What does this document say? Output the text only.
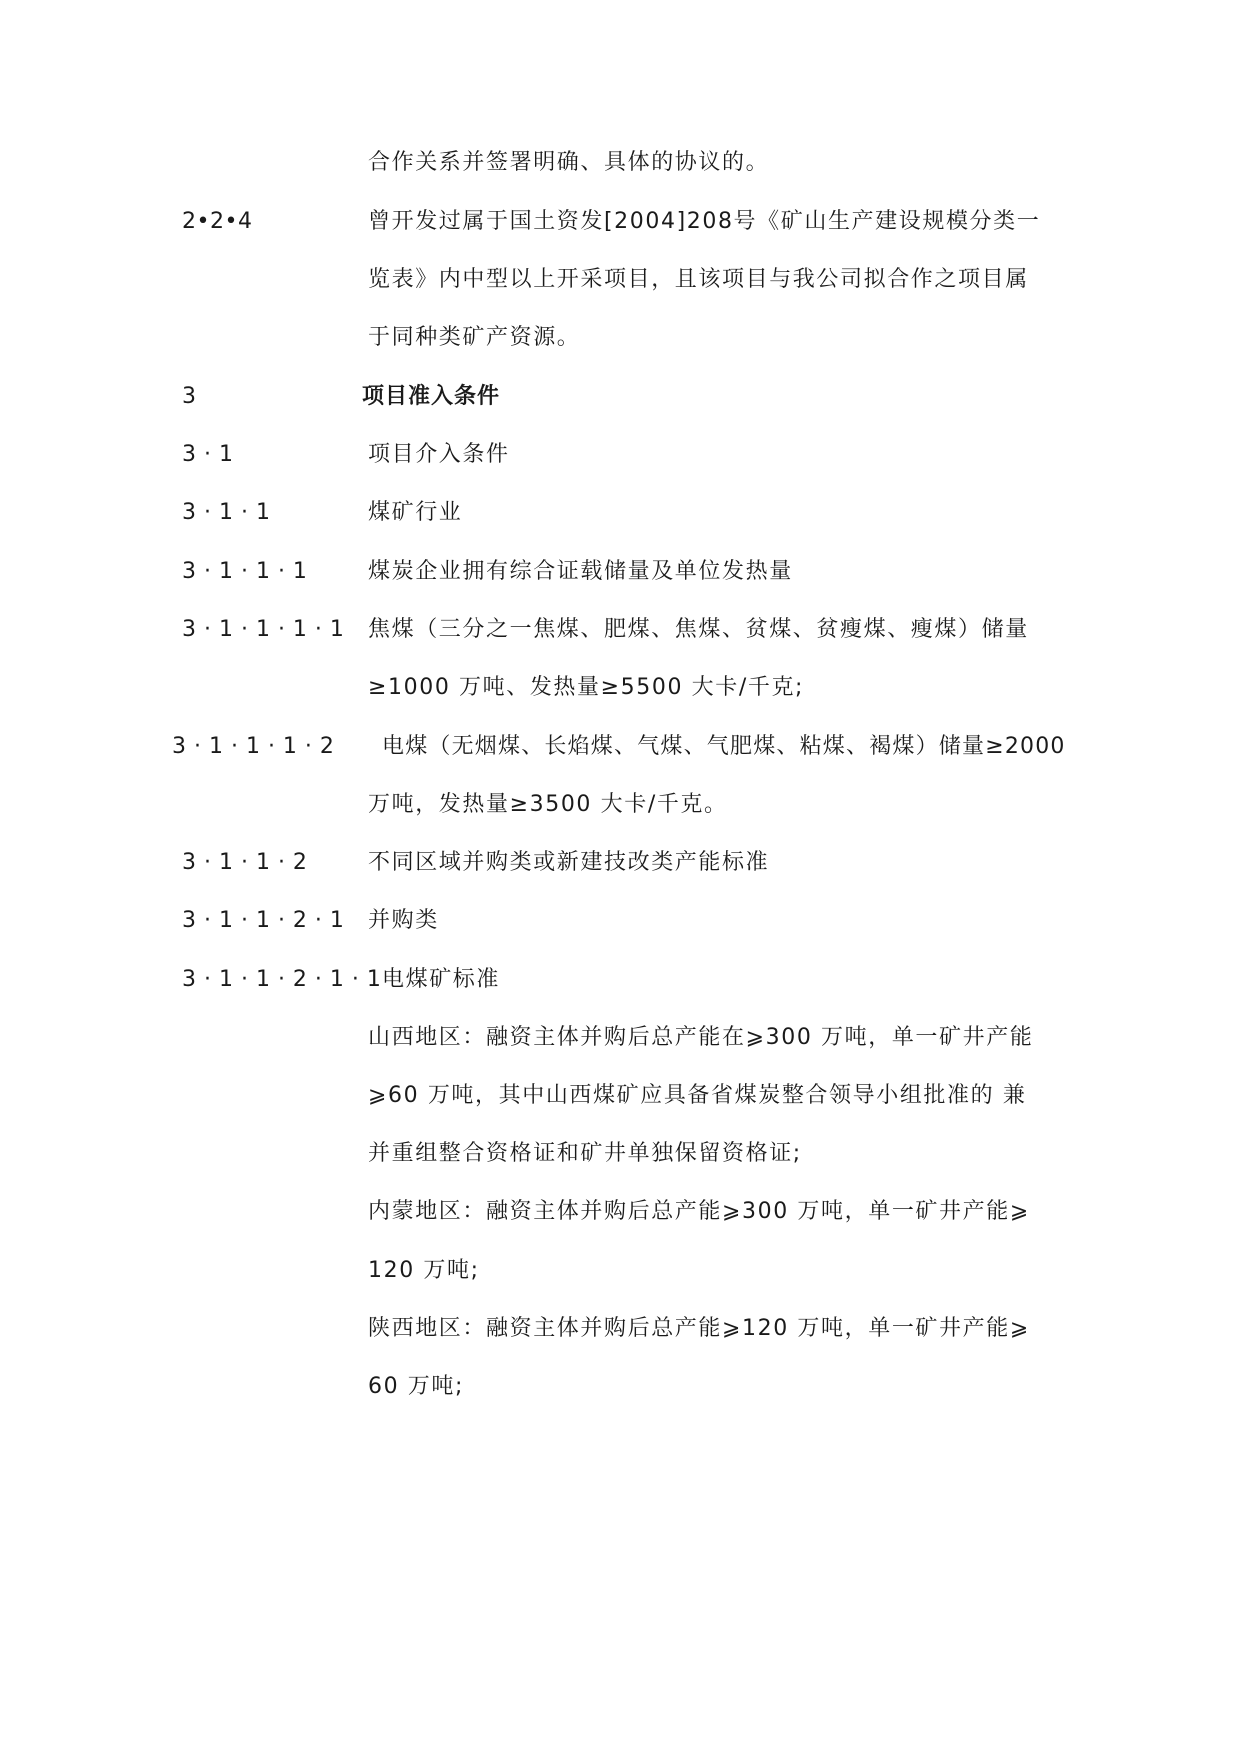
合作关系并签署明确、具体的协议的。
2•2•4	曾开发过属于国土资发[2004]208号《矿山生产建设规模分类一
览表》内中型以上开采项目，且该项目与我公司拟合作之项目属
于同种类矿产资源。
3	项目准入条件
3 · 1	项目介入条件
3 · 1 · 1	煤矿行业
3 · 1 · 1 · 1	煤炭企业拥有综合证载储量及单位发热量
3 · 1 · 1 · 1 · 1 焦煤（三分之一焦煤、肥煤、焦煤、贫煤、贫瘦煤、瘦煤）储量
≥1000 万吨、发热量≥5500 大卡/千克;
3 · 1 · 1 · 1 · 2 电煤（无烟煤、长焰煤、气煤、气肥煤、粘煤、褐煤）储量≥2000
万吨，发热量≥3500 大卡/千克。
3 · 1 · 1 · 2	不同区域并购类或新建技改类产能标准
3 · 1 · 1 · 2 · 1 并购类
3 · 1 · 1 · 2 · 1 · 1 电煤矿标准
山西地区：融资主体并购后总产能在⩾300 万吨，单一矿井产能
⩾60 万吨，其中山西煤矿应具备省煤炭整合领导小组批准的 兼
并重组整合资格证和矿井单独保留资格证;
内蒙地区：融资主体并购后总产能⩾300 万吨，单一矿井产能⩾
120 万吨;
陕西地区：融资主体并购后总产能⩾120 万吨，单一矿井产能⩾
60 万吨;
